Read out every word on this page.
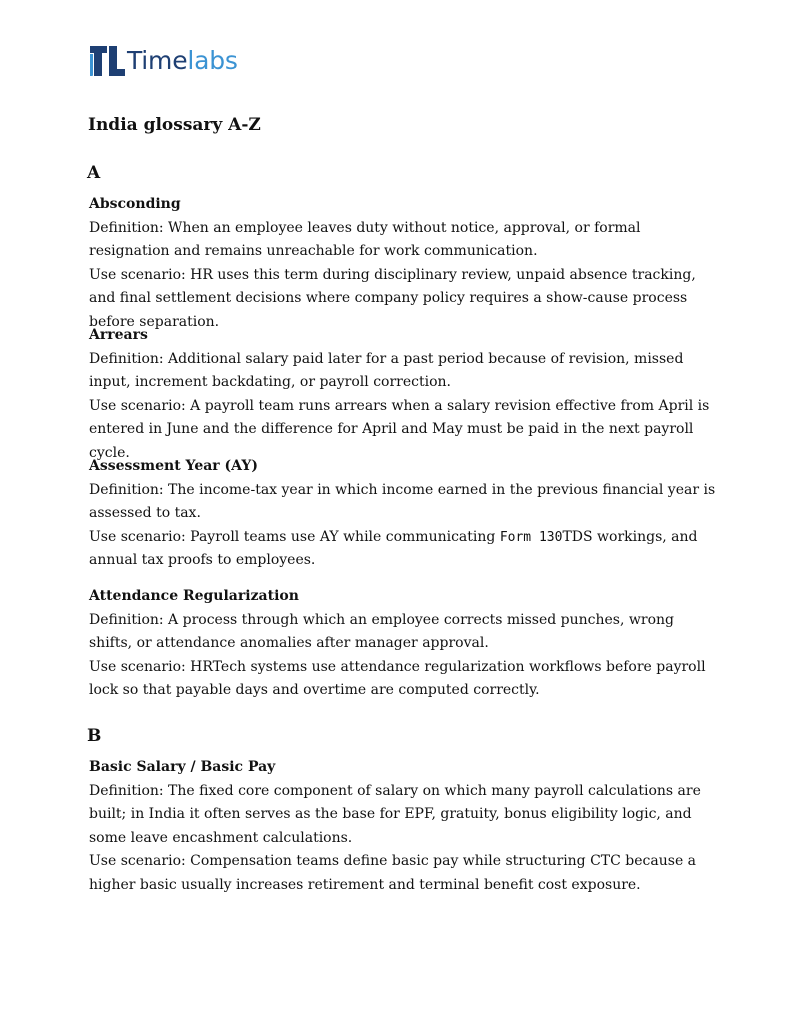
Timelabs
India glossary A-Z
A
Absconding
Definition: When an employee leaves duty without notice, approval, or formal resignation and remains unreachable for work communication.
Use scenario: HR uses this term during disciplinary review, unpaid absence tracking, and final settlement decisions where company policy requires a show-cause process before separation.
Arrears
Definition: Additional salary paid later for a past period because of revision, missed input, increment backdating, or payroll correction.
Use scenario: A payroll team runs arrears when a salary revision effective from April is entered in June and the difference for April and May must be paid in the next payroll cycle.
Assessment Year (AY)
Definition: The income-tax year in which income earned in the previous financial year is assessed to tax.
Use scenario: Payroll teams use AY while communicating Form 130TDS workings, and annual tax proofs to employees.
Attendance Regularization
Definition: A process through which an employee corrects missed punches, wrong shifts, or attendance anomalies after manager approval.
Use scenario: HRTech systems use attendance regularization workflows before payroll lock so that payable days and overtime are computed correctly.
B
Basic Salary / Basic Pay
Definition: The fixed core component of salary on which many payroll calculations are built; in India it often serves as the base for EPF, gratuity, bonus eligibility logic, and some leave encashment calculations.
Use scenario: Compensation teams define basic pay while structuring CTC because a higher basic usually increases retirement and terminal benefit cost exposure.
